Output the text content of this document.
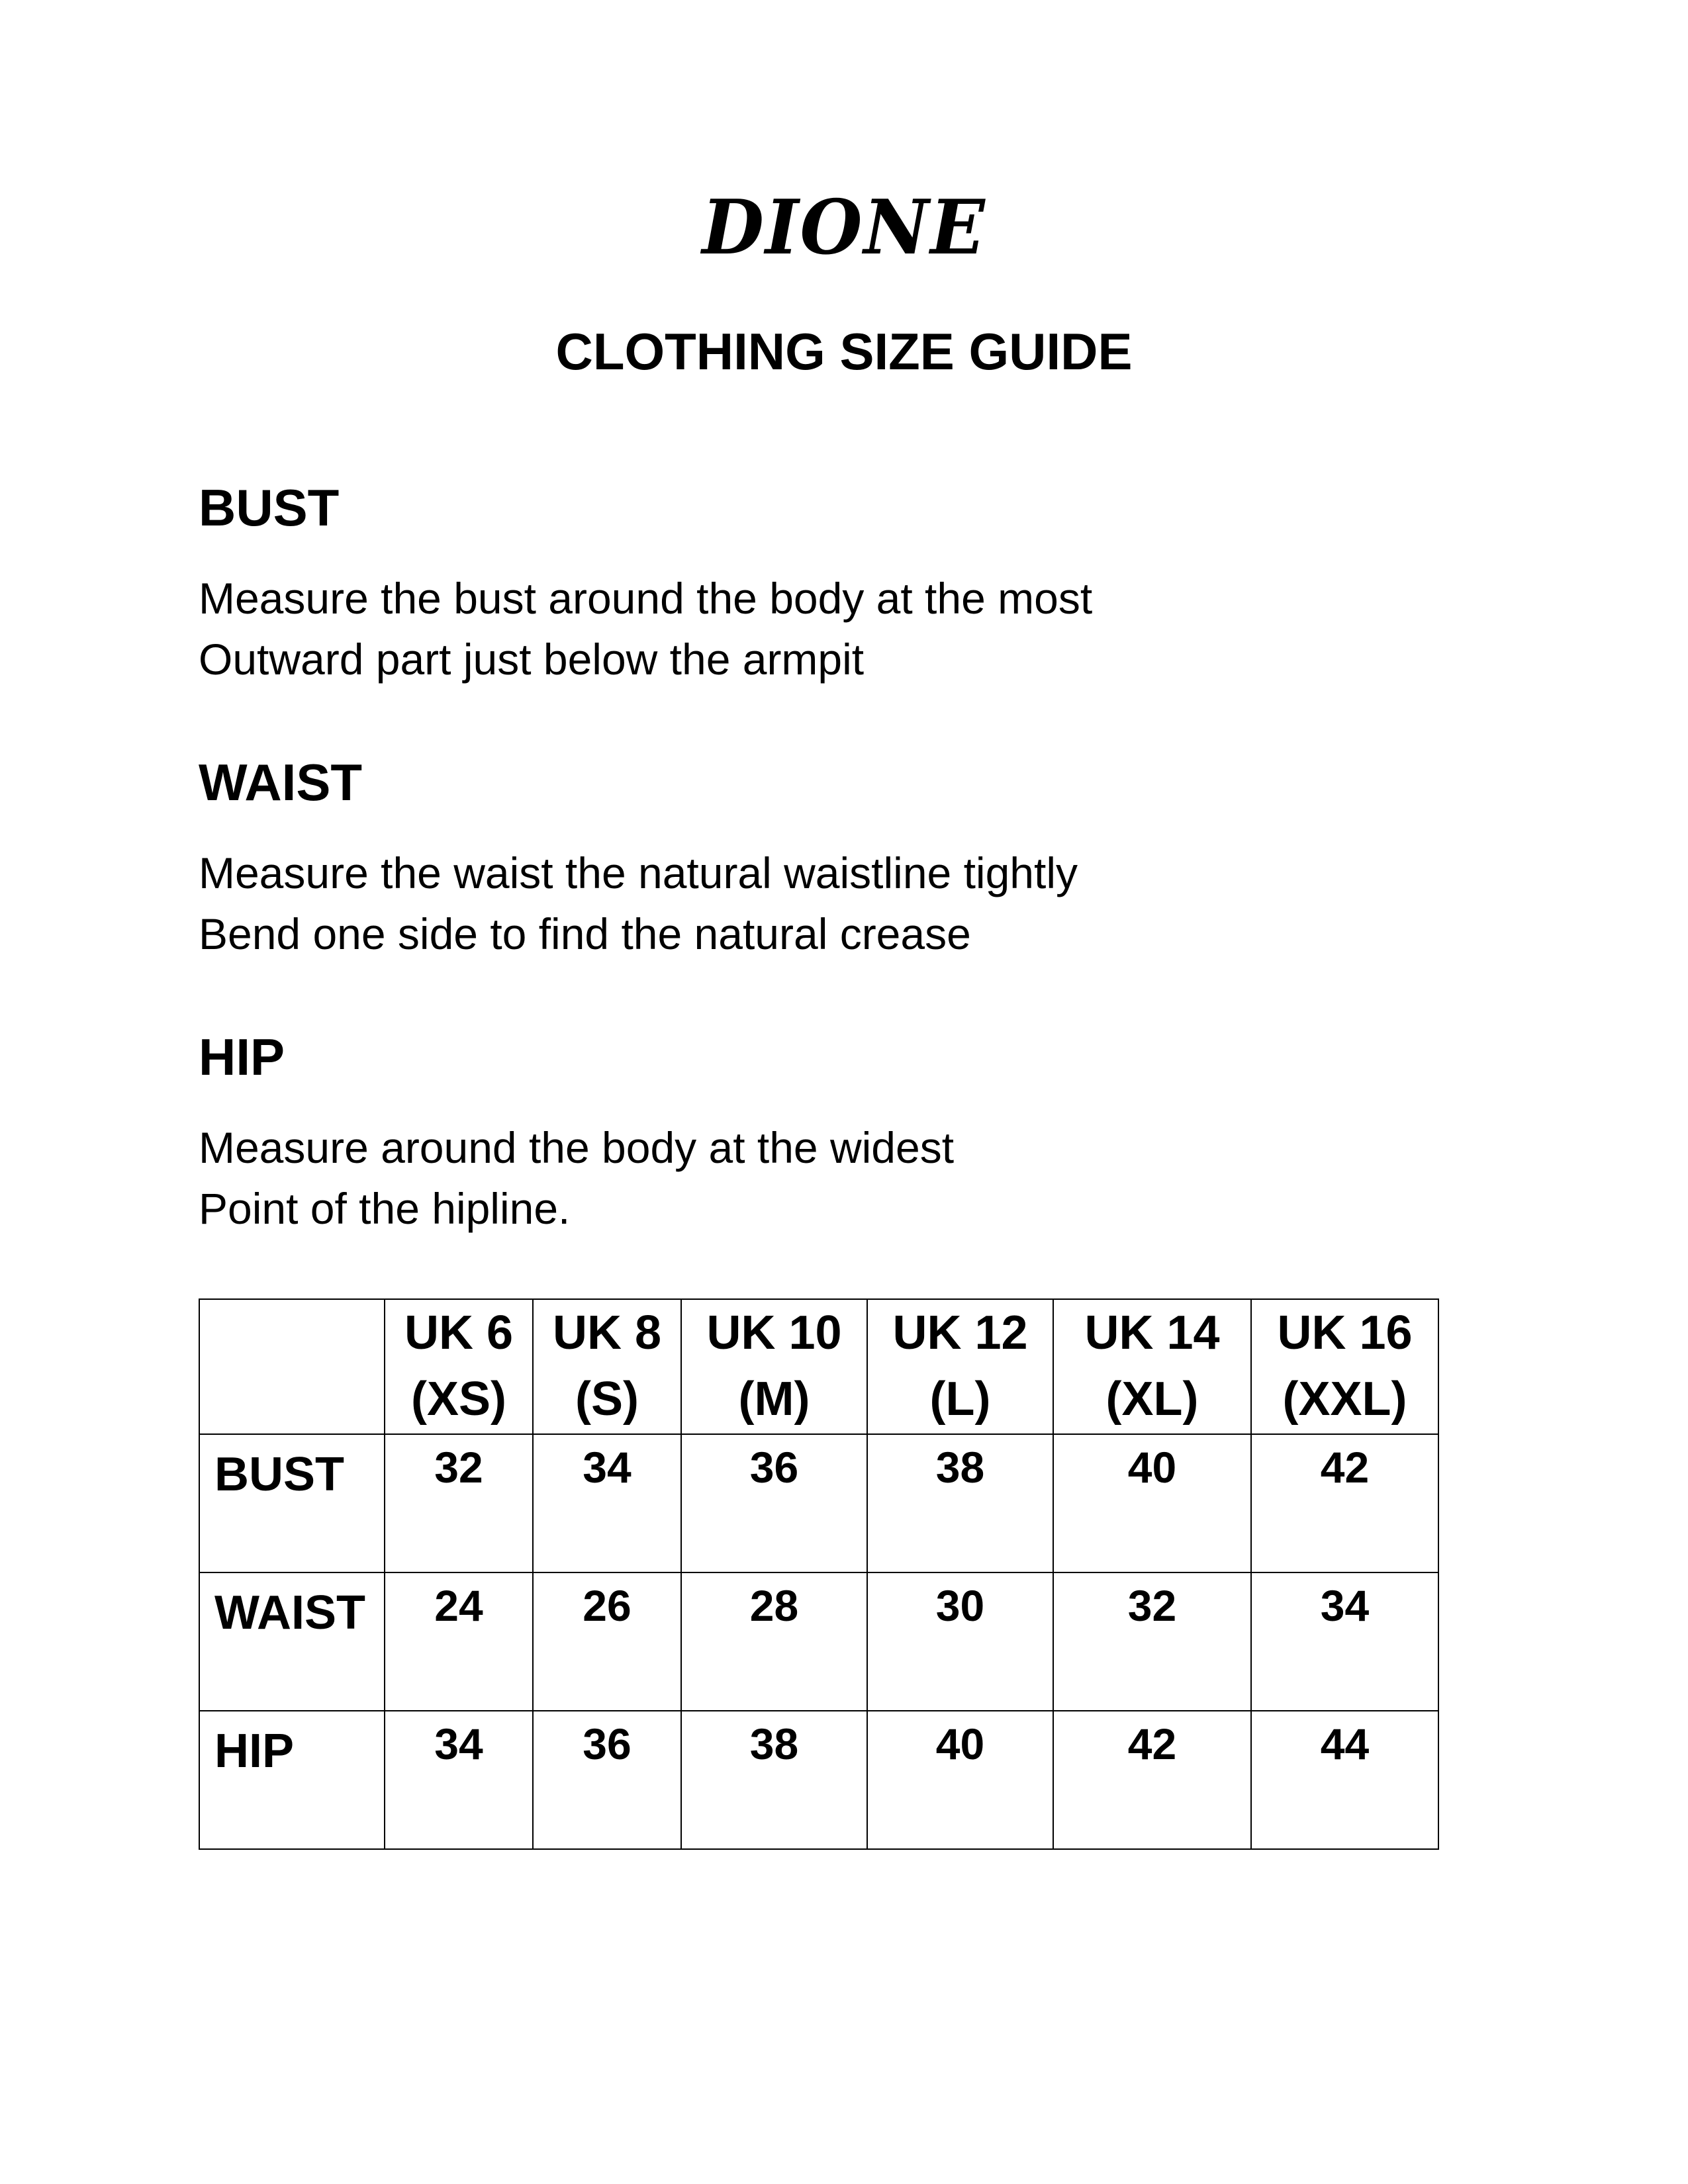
DIONE
CLOTHING SIZE GUIDE
BUST
Measure the bust around the body at the most
Outward part just below the armpit
WAIST
Measure the waist the natural waistline tightly
Bend one side to find the natural crease
HIP
Measure around the body at the widest
Point of the hipline.

	UK 6
(XS)	UK 8
(S)	UK 10
(M)	UK 12
(L)	UK 14
(XL)	UK 16
(XXL)

BUST	32	34	36	38	40	42
WAIST	24	26	28	30	32	34
HIP	34	36	38	40	42	44
